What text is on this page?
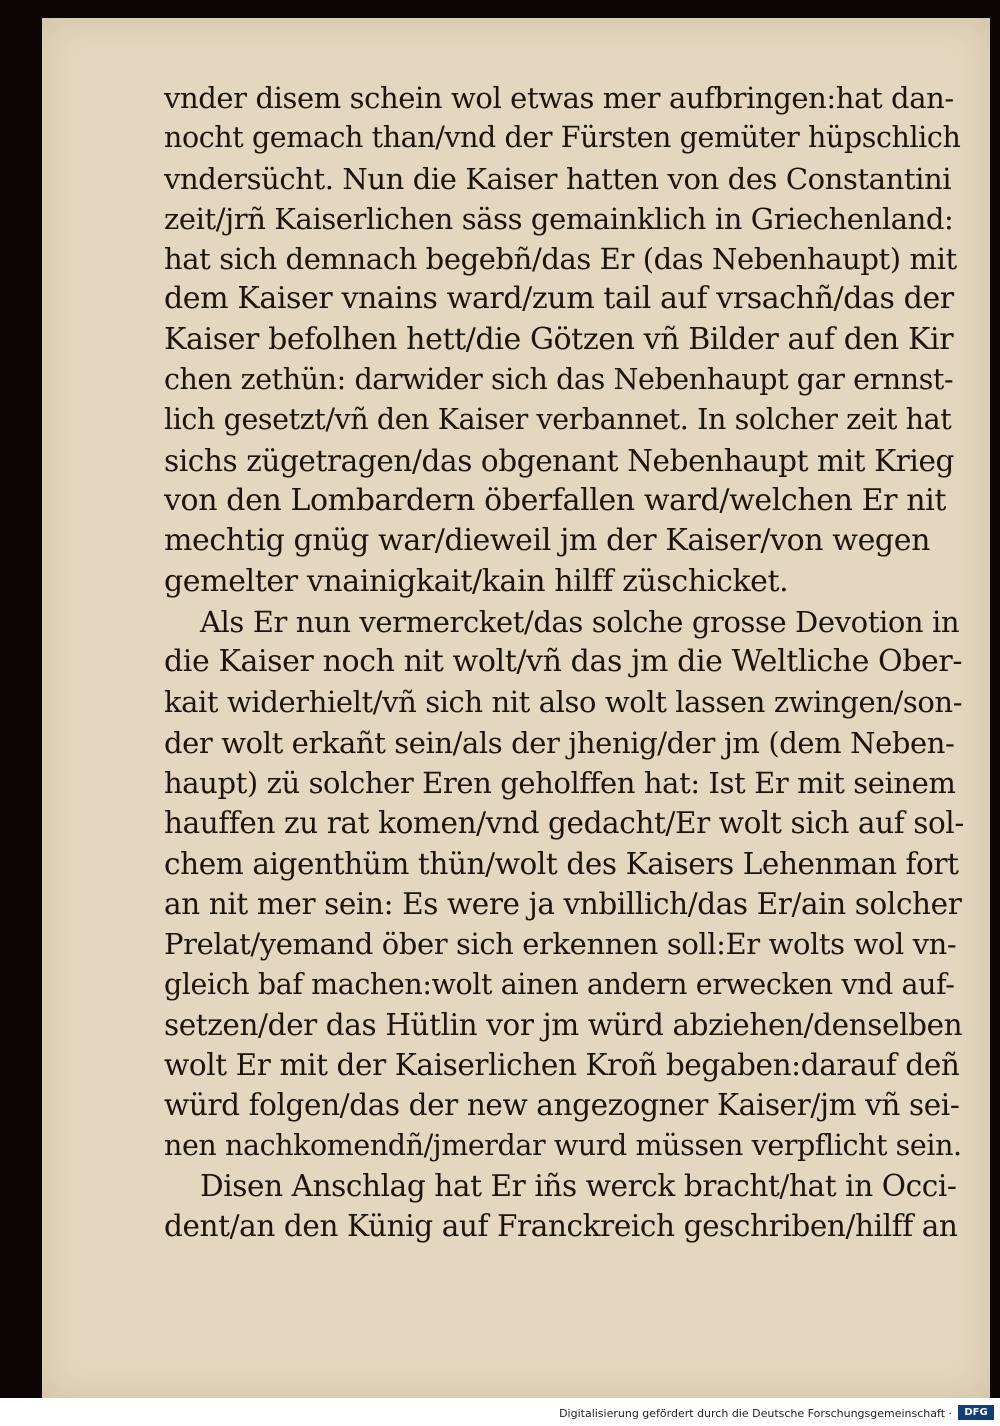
vnder disem schein wol etwas mer aufbringen:hat dan-
nocht gemach than/vnd der Fürsten gemüter hüpschlich
vndersücht. Nun die Kaiser hatten von des Constantini
zeit/jrñ Kaiserlichen säss gemainklich in Griechenland:
hat sich demnach begebñ/das Er (das Nebenhaupt) mit
dem Kaiser vnains ward/zum tail auf vrsachñ/das der
Kaiser befolhen hett/die Götzen vñ Bilder auf den Kir
chen zethün: darwider sich das Nebenhaupt gar ernnst-
lich gesetzt/vñ den Kaiser verbannet. In solcher zeit hat
sichs zügetragen/das obgenant Nebenhaupt mit Krieg
von den Lombardern öberfallen ward/welchen Er nit
mechtig gnüg war/dieweil jm der Kaiser/von wegen
gemelter vnainigkait/kain hilff züschicket.
Als Er nun vermercket/das solche grosse Devotion in
die Kaiser noch nit wolt/vñ das jm die Weltliche Ober-
kait widerhielt/vñ sich nit also wolt lassen zwingen/son-
der wolt erkañt sein/als der jhenig/der jm (dem Neben-
haupt) zü solcher Eren geholffen hat: Ist Er mit seinem
hauffen zu rat komen/vnd gedacht/Er wolt sich auf sol-
chem aigenthüm thün/wolt des Kaisers Lehenman fort
an nit mer sein: Es were ja vnbillich/das Er/ain solcher
Prelat/yemand öber sich erkennen soll:Er wolts wol vn-
gleich baf machen:wolt ainen andern erwecken vnd auf-
setzen/der das Hütlin vor jm würd abziehen/denselben
wolt Er mit der Kaiserlichen Kroñ begaben:darauf deñ
würd folgen/das der new angezogner Kaiser/jm vñ sei-
nen nachkomendñ/jmerdar wurd müssen verpflicht sein.
Disen Anschlag hat Er iñs werck bracht/hat in Occi-
dent/an den Künig auf Franckreich geschriben/hilff an
Digitalisierung gefördert durch die Deutsche Forschungsgemeinschaft ·	DFG
